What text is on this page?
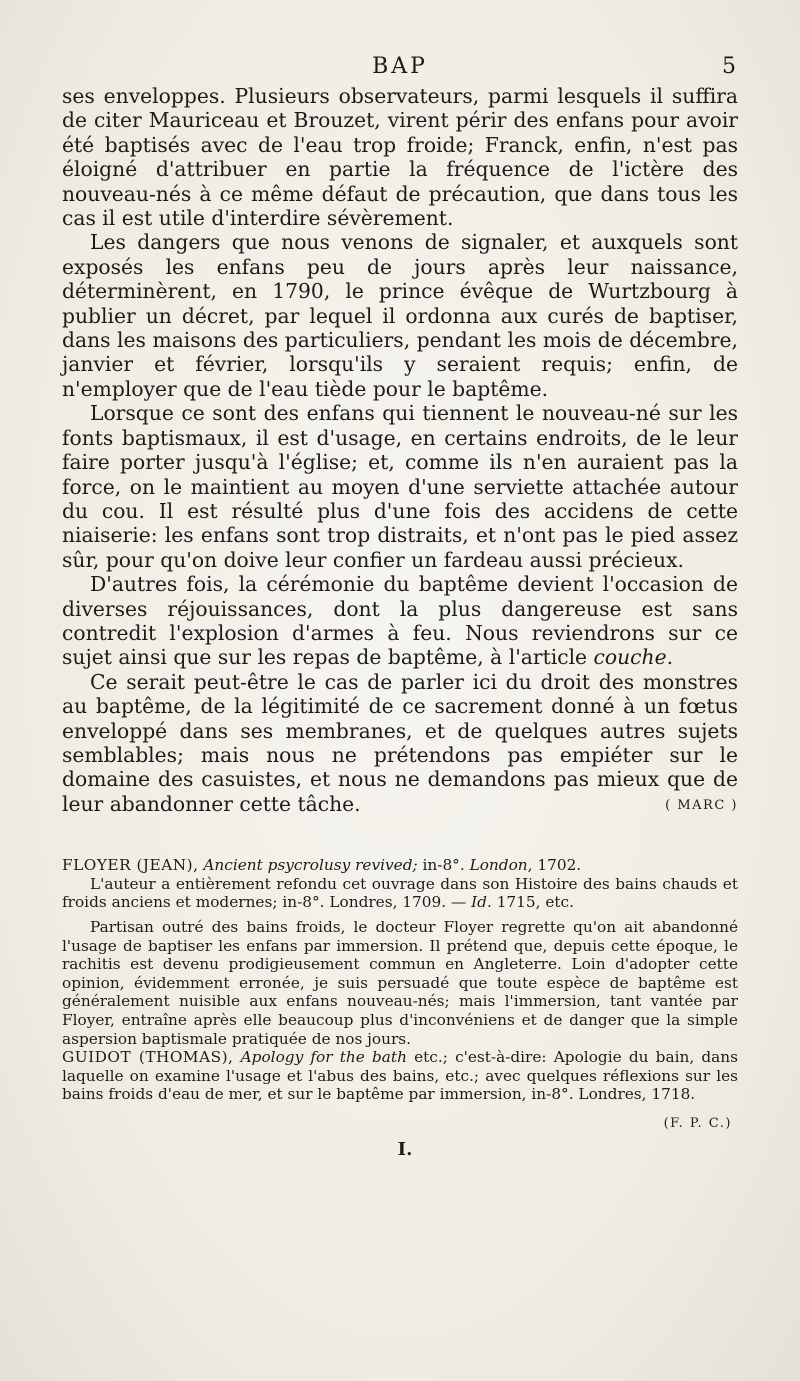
BAP	5

ses enveloppes. Plusieurs observateurs, parmi lesquels il suffira de citer Mauriceau et Brouzet, virent périr des enfans pour avoir été baptisés avec de l'eau trop froide; Franck, enfin, n'est pas éloigné d'attribuer en partie la fréquence de l'ictère des nouveau-nés à ce même défaut de précaution, que dans tous les cas il est utile d'interdire sévèrement.

Les dangers que nous venons de signaler, et auxquels sont exposés les enfans peu de jours après leur naissance, déterminèrent, en 1790, le prince évêque de Wurtzbourg à publier un décret, par lequel il ordonna aux curés de baptiser, dans les maisons des particuliers, pendant les mois de décembre, janvier et février, lorsqu'ils y seraient requis; enfin, de n'employer que de l'eau tiède pour le baptême.

Lorsque ce sont des enfans qui tiennent le nouveau-né sur les fonts baptismaux, il est d'usage, en certains endroits, de le leur faire porter jusqu'à l'église; et, comme ils n'en auraient pas la force, on le maintient au moyen d'une serviette attachée autour du cou. Il est résulté plus d'une fois des accidens de cette niaiserie: les enfans sont trop distraits, et n'ont pas le pied assez sûr, pour qu'on doive leur confier un fardeau aussi précieux.

D'autres fois, la cérémonie du baptême devient l'occasion de diverses réjouissances, dont la plus dangereuse est sans contredit l'explosion d'armes à feu. Nous reviendrons sur ce sujet ainsi que sur les repas de baptême, à l'article couche.

Ce serait peut-être le cas de parler ici du droit des monstres au baptême, de la légitimité de ce sacrement donné à un fœtus enveloppé dans ses membranes, et de quelques autres sujets semblables; mais nous ne prétendons pas empiéter sur le domaine des casuistes, et nous ne demandons pas mieux que de leur abandonner cette tâche.	( MARC )

FLOYER (JEAN), Ancient psycrolusy revived; in-8°. London, 1702.

L'auteur a entièrement refondu cet ouvrage dans son Histoire des bains chauds et froids anciens et modernes; in-8°. Londres, 1709. — Id. 1715, etc.

Partisan outré des bains froids, le docteur Floyer regrette qu'on ait abandonné l'usage de baptiser les enfans par immersion. Il prétend que, depuis cette époque, le rachitis est devenu prodigieusement commun en Angleterre. Loin d'adopter cette opinion, évidemment erronée, je suis persuadé que toute espèce de baptême est généralement nuisible aux enfans nouveau-nés; mais l'immersion, tant vantée par Floyer, entraîne après elle beaucoup plus d'inconvéniens et de danger que la simple aspersion baptismale pratiquée de nos jours.

GUIDOT (THOMAS), Apology for the bath etc.; c'est-à-dire: Apologie du bain, dans laquelle on examine l'usage et l'abus des bains, etc.; avec quelques réflexions sur les bains froids d'eau de mer, et sur le baptême par immersion, in-8°. Londres, 1718.

(F. P. C.)
I.
